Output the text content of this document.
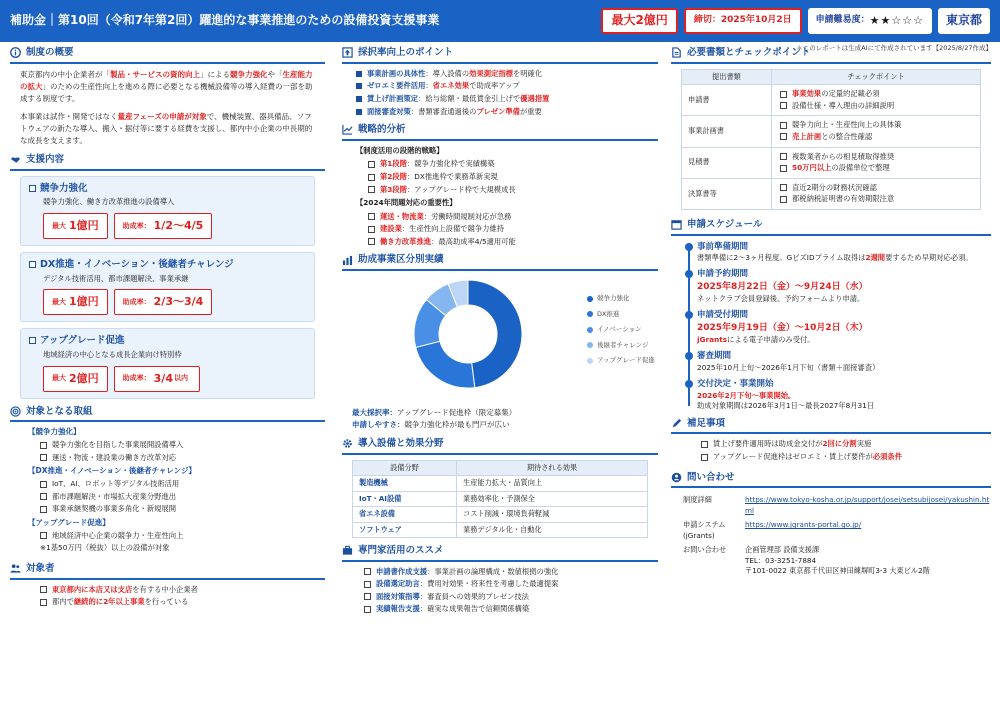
補助金｜第10回（令和7年第2回）躍進的な事業推進のための設備投資支援事業	最大2億円	締切：2025年10月2日	申請難易度： ★★☆☆☆	東京都
＊このレポートは生成AIにて作成されています【2025/8/27作成】
制度の概要

東京都内の中小企業者が「製品・サービスの資的向上」による競争力強化や「生産能力の拡大」のための生産性向上を進める際に必要となる機械設備等の導入経費の一部を助成する制度です。

本事業は試作・開発ではなく量産フェーズの申請が対象で、機械装置、器具備品、ソフトウェアの新たな導入、搬入・据付等に要する経費を支援し、都内中小企業の中長期的な成長を支えます。

支援内容
競争力強化
競争力強化、働き方改革推進の設備導入
最大 1億円	助成率： 1/2〜4/5
DX推進・イノベーション・後継者チャレンジ
デジタル技術活用、都市課題解決、事業承継
最大 1億円	助成率： 2/3〜3/4
アップグレード促進
地域経済の中心となる成長企業向け特別枠
最大 2億円	助成率： 3/4 以内
対象となる取組
【競争力強化】
競争力強化を目指した事業展開設備導入
運送・物流・建設業の働き方改革対応
【DX推進・イノベーション・後継者チャレンジ】
IoT、AI、ロボット等デジタル技術活用
都市課題解決・市場拡大産業分野進出
事業承継契機の事業多角化・新規展開
【アップグレード促進】
地域経済中心企業の競争力・生産性向上
※1基50万円（税抜）以上の設備が対象
対象者
東京都内に本店又は支店を有する中小企業者
都内で継続的に2年以上事業を行っている
採択率向上のポイント
事業計画の具体性：導入設備の効果測定指標を明確化
ゼロエミ要件活用：省エネ効果で助成率アップ
賃上げ計画策定：給与総額・最低賃金引上げで優遇措置
面接審査対策：書類審査通過後のプレゼン準備が重要
戦略的分析
【制度活用の段階的戦略】
第1段階：競争力強化枠で実績構築
第2段階：DX推進枠で業務革新実現
第3段階：アップグレード枠で大規模成長
【2024年問題対応の重要性】
運送・物流業：労働時間規制対応が急務
建設業：生産性向上設備で競争力維持
働き方改革推進：最高助成率4/5適用可能
助成事業区分別実績
競争力強化
DX推進
イノベーション
後継者チャレンジ
アップグレード促進
最大採択率：アップグレード促進枠（限定募集）
申請しやすさ：競争力強化枠が最も門戸が広い
導入設備と効果分野
設備分野	期待される効果
製造機械	生産能力拡大・品質向上
IoT・AI設備	業務効率化・予測保全
省エネ設備	コスト削減・環境負荷軽減
ソフトウェア	業務デジタル化・自動化
専門家活用のススメ
申請書作成支援：事業計画の論理構成・数値根拠の強化
設備選定助言：費用対効果・将来性を考慮した最適提案
面接対策指導：審査員への効果的プレゼン技法
実績報告支援：確実な成果報告で信頼関係構築
必要書類とチェックポイント
提出書類	チェックポイント
申請書	事業効果の定量的記載必須
設備仕様・導入理由の詳細説明

事業計画書	競争力向上・生産性向上の具体策
売上計画との整合性確認

見積書	複数業者からの相見積取得推奨
50万円以上の設備単位で整理

決算書等	直近2期分の財務状況確認
都税納税証明書の有効期限注意
申請スケジュール
事前準備期間
書類準備に2〜3ヶ月程度。GビズIDプライム取得は2週間要するため早期対応必須。
申請予約期間
2025年8月22日（金）〜9月24日（水）
ネットクラブ会員登録後、予約フォームより申請。
申請受付期間
2025年9月19日（金）〜10月2日（木）
jGrantsによる電子申請のみ受付。
審査期間
2025年10月上旬〜2026年1月下旬（書類＋面接審査）
交付決定・事業開始
2026年2月下旬〜事業開始。
助成対象期間は2026年3月1日〜最長2027年8月31日
補足事項
賃上げ要件適用時は助成金交付が2回に分割実施
アップグレード促進枠はゼロエミ・賃上げ要件が必須条件
問い合わせ
制度詳細	https://www.tokyo-kosha.or.jp/support/josei/setsubijosei/yakushin.html
申請システム (jGrants)	https://www.jgrants-portal.go.jp/
お問い合わせ	企画管理部 設備支援課
TEL：03-3251-7884
〒101-0022 東京都千代田区神田練塀町3-3 大東ビル2階
